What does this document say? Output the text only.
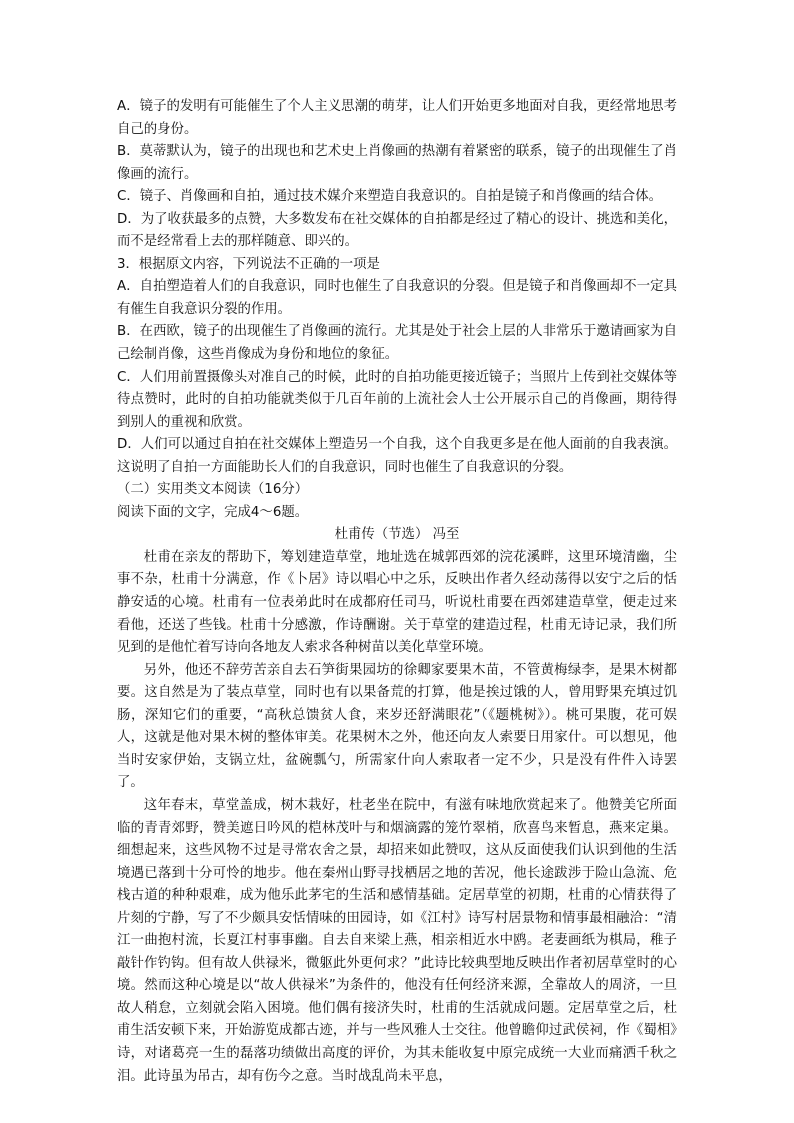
A．镜子的发明有可能催生了个人主义思潮的萌芽，让人们开始更多地面对自我，更经常地思考自己的身份。

B．莫蒂默认为，镜子的出现也和艺术史上肖像画的热潮有着紧密的联系，镜子的出现催生了肖像画的流行。

C．镜子、肖像画和自拍，通过技术媒介来塑造自我意识的。自拍是镜子和肖像画的结合体。

D．为了收获最多的点赞，大多数发布在社交媒体的自拍都是经过了精心的设计、挑选和美化，而不是经常看上去的那样随意、即兴的。

3．根据原文内容，下列说法不正确的一项是

A．自拍塑造着人们的自我意识，同时也催生了自我意识的分裂。但是镜子和肖像画却不一定具有催生自我意识分裂的作用。

B．在西欧，镜子的出现催生了肖像画的流行。尤其是处于社会上层的人非常乐于邀请画家为自己绘制肖像，这些肖像成为身份和地位的象征。

C．人们用前置摄像头对准自己的时候，此时的自拍功能更接近镜子；当照片上传到社交媒体等待点赞时，此时的自拍功能就类似于几百年前的上流社会人士公开展示自己的肖像画，期待得到别人的重视和欣赏。

D．人们可以通过自拍在社交媒体上塑造另一个自我，这个自我更多是在他人面前的自我表演。这说明了自拍一方面能助长人们的自我意识，同时也催生了自我意识的分裂。

（二）实用类文本阅读（16分）

阅读下面的文字，完成4～6题。

杜甫传（节选） 冯至

杜甫在亲友的帮助下，筹划建造草堂，地址选在城郭西郊的浣花溪畔，这里环境清幽，尘事不杂，杜甫十分满意，作《卜居》诗以唱心中之乐，反映出作者久经动荡得以安宁之后的恬静安适的心境。杜甫有一位表弟此时在成都府任司马，听说杜甫要在西郊建造草堂，便走过来看他，还送了些钱。杜甫十分感激，作诗酬谢。关于草堂的建造过程，杜甫无诗记录，我们所见到的是他忙着写诗向各地友人索求各种树苗以美化草堂环境。

另外，他还不辞劳苦亲自去石笋街果园坊的徐卿家要果木苗，不管黄梅绿李，是果木树都要。这自然是为了装点草堂，同时也有以果备荒的打算，他是挨过饿的人，曾用野果充填过饥肠，深知它们的重要，“高秋总馈贫人食，来岁还舒满眼花”（《题桃树》）。桃可果腹，花可娱人，这就是他对果木树的整体审美。花果树木之外，他还向友人索要日用家什。可以想见，他当时安家伊始，支锅立灶，盆碗瓢勺，所需家什向人索取者一定不少，只是没有件件入诗罢了。

这年春末，草堂盖成，树木栽好，杜老坐在院中，有滋有味地欣赏起来了。他赞美它所面临的青青郊野，赞美遮日吟风的桤林茂叶与和烟滴露的笼竹翠梢，欣喜鸟来暂息，燕来定巢。细想起来，这些风物不过是寻常农舍之景，却招来如此赞叹，这从反面使我们认识到他的生活境遇已落到十分可怜的地步。他在秦州山野寻找栖居之地的苦况，他长途跋涉于险山急流、危栈古道的种种艰难，成为他乐此茅宅的生活和感情基础。定居草堂的初期，杜甫的心情获得了片刻的宁静，写了不少颇具安恬情味的田园诗，如《江村》诗写村居景物和情事最相融洽：“清江一曲抱村流，长夏江村事事幽。自去自来梁上燕，相亲相近水中鸥。老妻画纸为棋局，稚子敲针作钓钩。但有故人供禄米，微躯此外更何求？”此诗比较典型地反映出作者初居草堂时的心境。然而这种心境是以“故人供禄米”为条件的，他没有任何经济来源，全靠故人的周济，一旦故人稍怠，立刻就会陷入困境。他们偶有接济失时，杜甫的生活就成问题。定居草堂之后，杜甫生活安顿下来，开始游览成都古迹，并与一些风雅人士交往。他曾瞻仰过武侯祠，作《蜀相》诗，对诸葛亮一生的磊落功绩做出高度的评价，为其未能收复中原完成统一大业而痛洒千秋之泪。此诗虽为吊古，却有伤今之意。当时战乱尚未平息，
